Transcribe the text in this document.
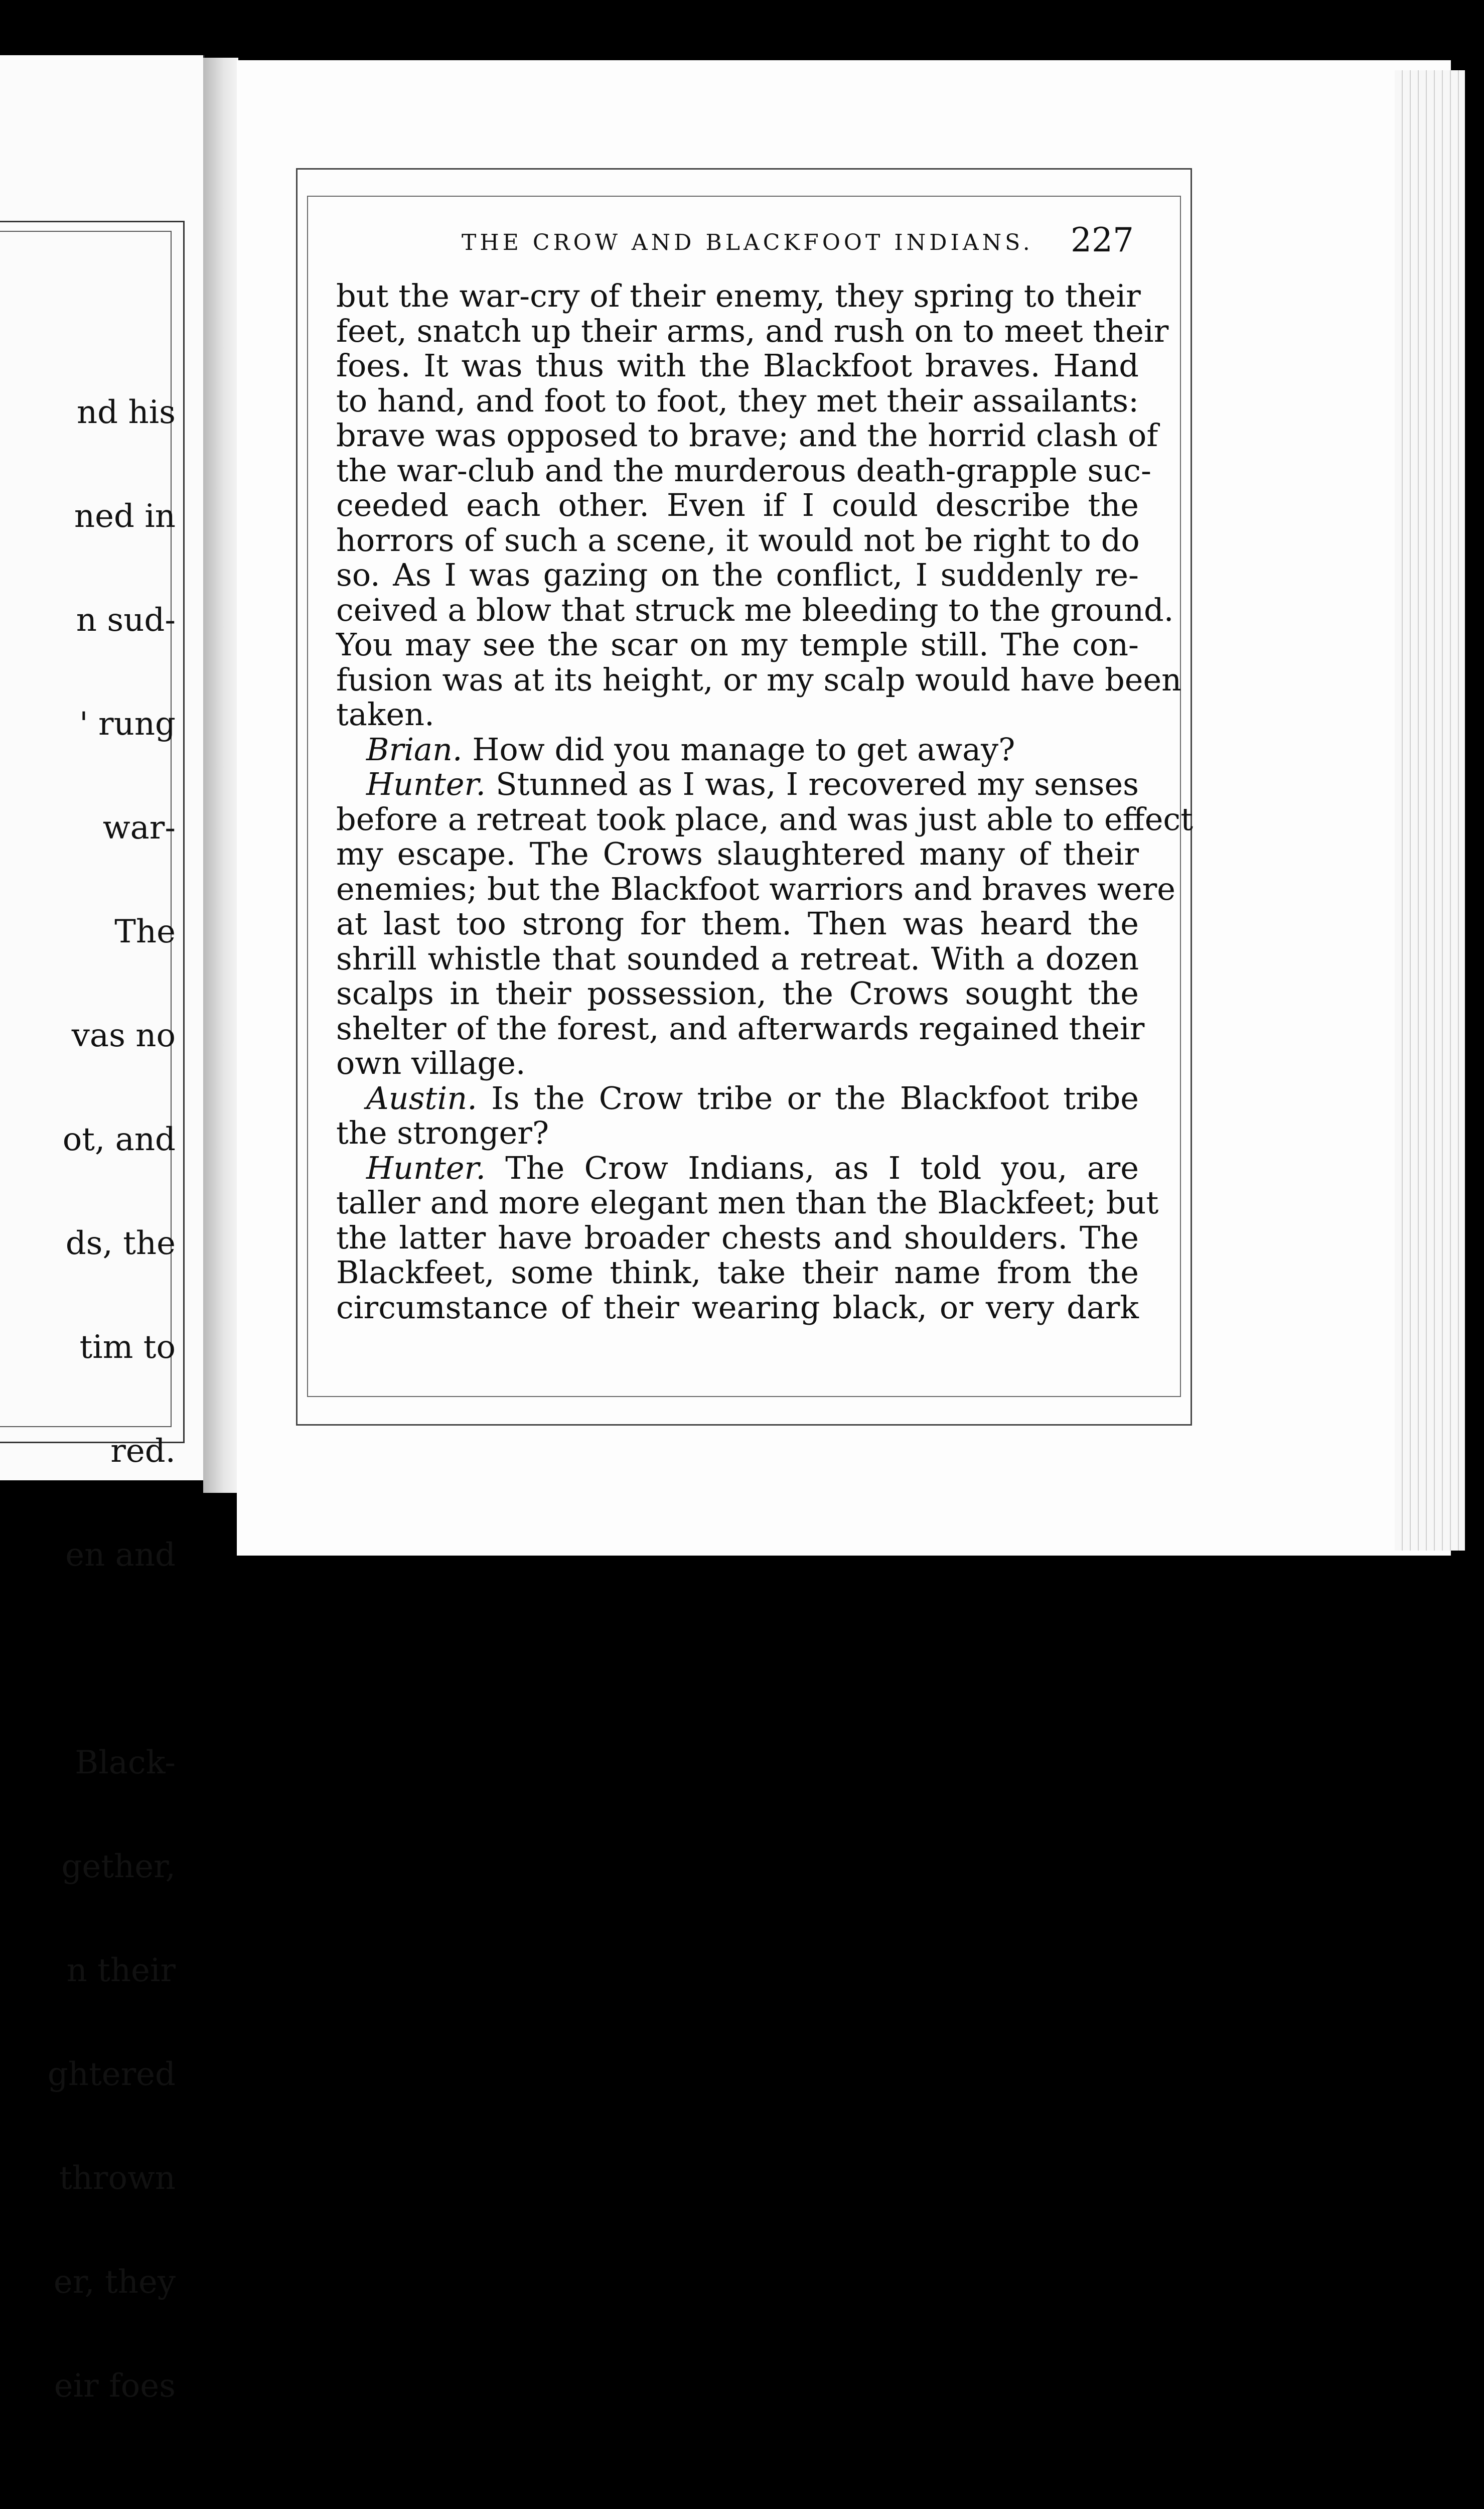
nd his

ned in

n sud-

' rung

war-

The

vas no

ot, and

ds, the

tim to

red.

en and

Black-

gether,

n their

ghtered

thrown

er, they

eir foes

THE CROW AND BLACKFOOT INDIANS. 227
but the war-cry of their enemy, they spring to their
feet, snatch up their arms, and rush on to meet their
foes. It was thus with the Blackfoot braves. Hand
to hand, and foot to foot, they met their assailants:
brave was opposed to brave; and the horrid clash of
the war-club and the murderous death-grapple suc-
ceeded each other. Even if I could describe the
horrors of such a scene, it would not be right to do
so. As I was gazing on the conflict, I suddenly re-
ceived a blow that struck me bleeding to the ground.
You may see the scar on my temple still. The con-
fusion was at its height, or my scalp would have been
taken.
Brian. How did you manage to get away?
Hunter. Stunned as I was, I recovered my senses
before a retreat took place, and was just able to effect
my escape. The Crows slaughtered many of their
enemies; but the Blackfoot warriors and braves were
at last too strong for them. Then was heard the
shrill whistle that sounded a retreat. With a dozen
scalps in their possession, the Crows sought the
shelter of the forest, and afterwards regained their
own village.
Austin. Is the Crow tribe or the Blackfoot tribe
the stronger?
Hunter. The Crow Indians, as I told you, are
taller and more elegant men than the Blackfeet; but
the latter have broader chests and shoulders. The
Blackfeet, some think, take their name from the
circumstance of their wearing black, or very dark
